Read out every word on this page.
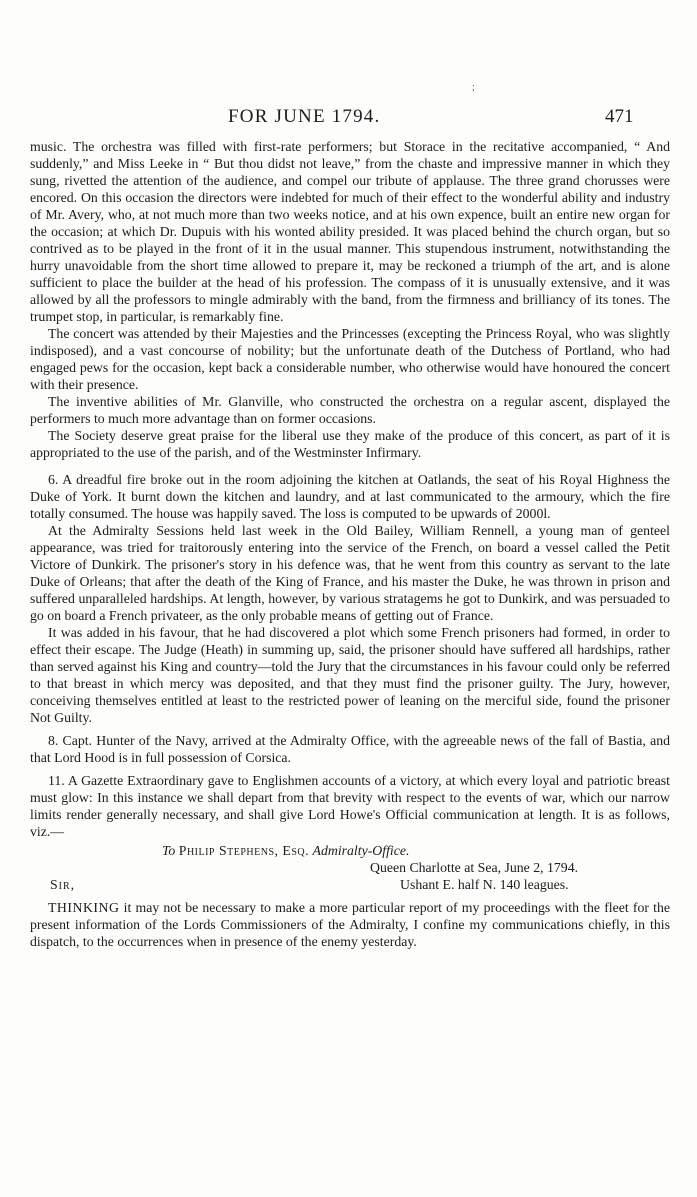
;
FOR JUNE 1794.	471

music. The orchestra was filled with first-rate performers; but Storace in the recitative accompanied, “ And suddenly,” and Miss Leeke in “ But thou didst not leave,” from the chaste and impressive manner in which they sung, rivetted the attention of the audience, and compel our tribute of applause. The three grand chorusses were encored. On this occasion the directors were indebted for much of their effect to the wonderful ability and industry of Mr. Avery, who, at not much more than two weeks notice, and at his own expence, built an entire new organ for the occasion; at which Dr. Dupuis with his wonted ability presided. It was placed behind the church organ, but so contrived as to be played in the front of it in the usual manner. This stupendous instrument, notwithstanding the hurry unavoidable from the short time allowed to prepare it, may be reckoned a triumph of the art, and is alone sufficient to place the builder at the head of his profession. The compass of it is unusually extensive, and it was allowed by all the professors to mingle admirably with the band, from the firmness and brilliancy of its tones. The trumpet stop, in particular, is remarkably fine.

The concert was attended by their Majesties and the Princesses (excepting the Princess Royal, who was slightly indisposed), and a vast concourse of nobility; but the unfortunate death of the Dutchess of Portland, who had engaged pews for the occasion, kept back a considerable number, who otherwise would have honoured the concert with their presence.

The inventive abilities of Mr. Glanville, who constructed the orchestra on a regular ascent, displayed the performers to much more advantage than on former occasions.

The Society deserve great praise for the liberal use they make of the produce of this concert, as part of it is appropriated to the use of the parish, and of the Westminster Infirmary.

6. A dreadful fire broke out in the room adjoining the kitchen at Oatlands, the seat of his Royal Highness the Duke of York. It burnt down the kitchen and laundry, and at last communicated to the armoury, which the fire totally consumed. The house was happily saved. The loss is computed to be upwards of 2000l.

At the Admiralty Sessions held last week in the Old Bailey, William Rennell, a young man of genteel appearance, was tried for traitorously entering into the service of the French, on board a vessel called the Petit Victore of Dunkirk. The prisoner's story in his defence was, that he went from this country as servant to the late Duke of Orleans; that after the death of the King of France, and his master the Duke, he was thrown in prison and suffered unparalleled hardships. At length, however, by various stratagems he got to Dunkirk, and was persuaded to go on board a French privateer, as the only probable means of getting out of France.

It was added in his favour, that he had discovered a plot which some French prisoners had formed, in order to effect their escape. The Judge (Heath) in summing up, said, the prisoner should have suffered all hardships, rather than served against his King and country—told the Jury that the circumstances in his favour could only be referred to that breast in which mercy was deposited, and that they must find the prisoner guilty. The Jury, however, conceiving themselves entitled at least to the restricted power of leaning on the merciful side, found the prisoner Not Guilty.

8. Capt. Hunter of the Navy, arrived at the Admiralty Office, with the agreeable news of the fall of Bastia, and that Lord Hood is in full possession of Corsica.

11. A Gazette Extraordinary gave to Englishmen accounts of a victory, at which every loyal and patriotic breast must glow: In this instance we shall depart from that brevity with respect to the events of war, which our narrow limits render generally necessary, and shall give Lord Howe's Official communication at length. It is as follows, viz.—

To Philip Stephens, Esq. Admiralty-Office.
Queen Charlotte at Sea, June 2, 1794.
Sir,	Ushant E. half N. 140 leagues.

THINKING it may not be necessary to make a more particular report of my proceedings with the fleet for the present information of the Lords Commissioners of the Admiralty, I confine my communications chiefly, in this dispatch, to the occurrences when in presence of the enemy yesterday.
